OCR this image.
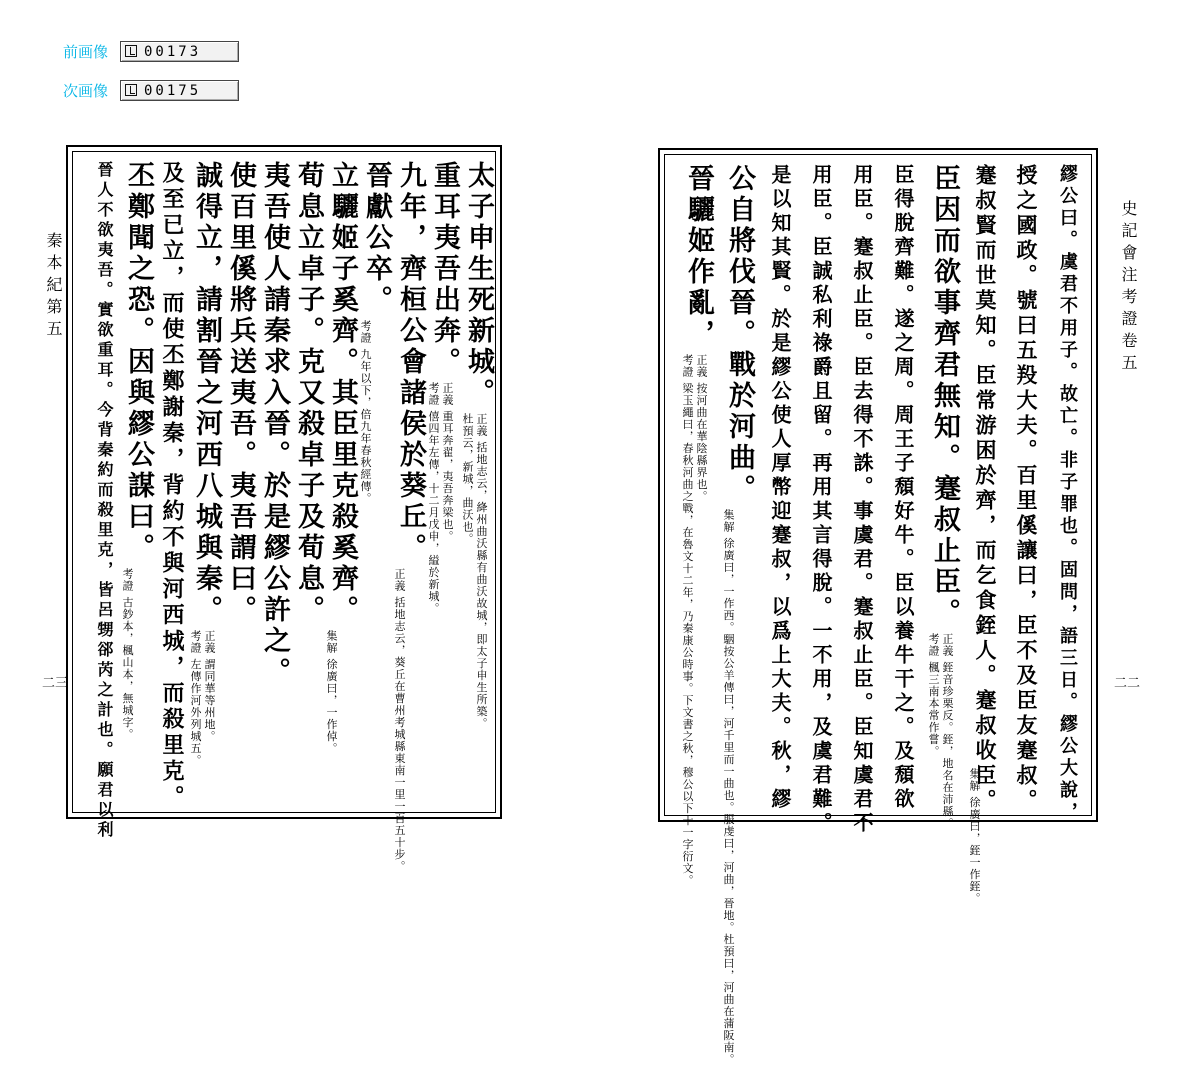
前画像	00173
次画像	00175
秦本紀第五
二三
太子申生死新城。
正義 括地志云，絳州曲沃縣有曲沃故城，即太子申生所築。
杜預云，新城，曲沃也。
重耳夷吾出奔。
正義 重耳奔翟，夷吾奔梁也。
考證 僖四年左傳，十二月戊申，縊於新城。
九年，齊桓公會諸侯於葵丘。
正義 括地志云，葵丘在曹州考城縣東南一里一百五十步。
晉獻公卒。
考證 九年以下，倍九年春秋經傳。
立驪姬子奚齊。其臣里克殺奚齊。
集解 徐廣曰，一作倬。
荀息立卓子。克又殺卓子及荀息。
夷吾使人請秦求入晉。於是繆公許之。
使百里傒將兵送夷吾。夷吾謂曰。
誠得立，請割晉之河西八城與秦。
正義 謂同華等州地。
考證 左傳作河外列城五。
及至已立，而使丕鄭謝秦，背約不與河西城，而殺里克。
丕鄭聞之恐。因與繆公謀曰。
考證 古鈔本，楓山本，無城字。
晉人不欲夷吾。實欲重耳。今背秦約而殺里克，皆呂甥郤芮之計也。願君以利	史記會注考證卷五
二二
繆公曰。虞君不用子。故亡。非子罪也。固問，語三日。繆公大說，
授之國政。號曰五羖大夫。百里傒讓曰，臣不及臣友蹇叔。
蹇叔賢而世莫知。臣常游困於齊，而乞食銍人。蹇叔收臣。
集解 徐廣曰，銍一作銍。
臣因而欲事齊君無知。蹇叔止臣。
正義 銍音珍栗反。銍，地名在沛縣。
考證 楓三南本常作嘗。
臣得脫齊難。遂之周。周王子頹好牛。臣以養牛干之。及頹欲
用臣。蹇叔止臣。臣去得不誅。事虞君。蹇叔止臣。臣知虞君不
用臣。臣誠私利祿爵且留。再用其言得脫。一不用，及虞君難。
是以知其賢。於是繆公使人厚幣迎蹇叔，以爲上大夫。秋，繆
公自將伐晉。戰於河曲。
集解 徐廣曰，一作西。駰按公羊傳曰，河千里而一曲也。服虔曰，河曲，晉地。杜預曰，河曲在蒲阪南。
晉驪姬作亂，
正義 按河曲在華陰縣界也。
考證 梁玉繩曰，春秋河曲之戰，在魯文十二年，乃秦康公時事。下文書之秋，穆公以下十一字衍文。
